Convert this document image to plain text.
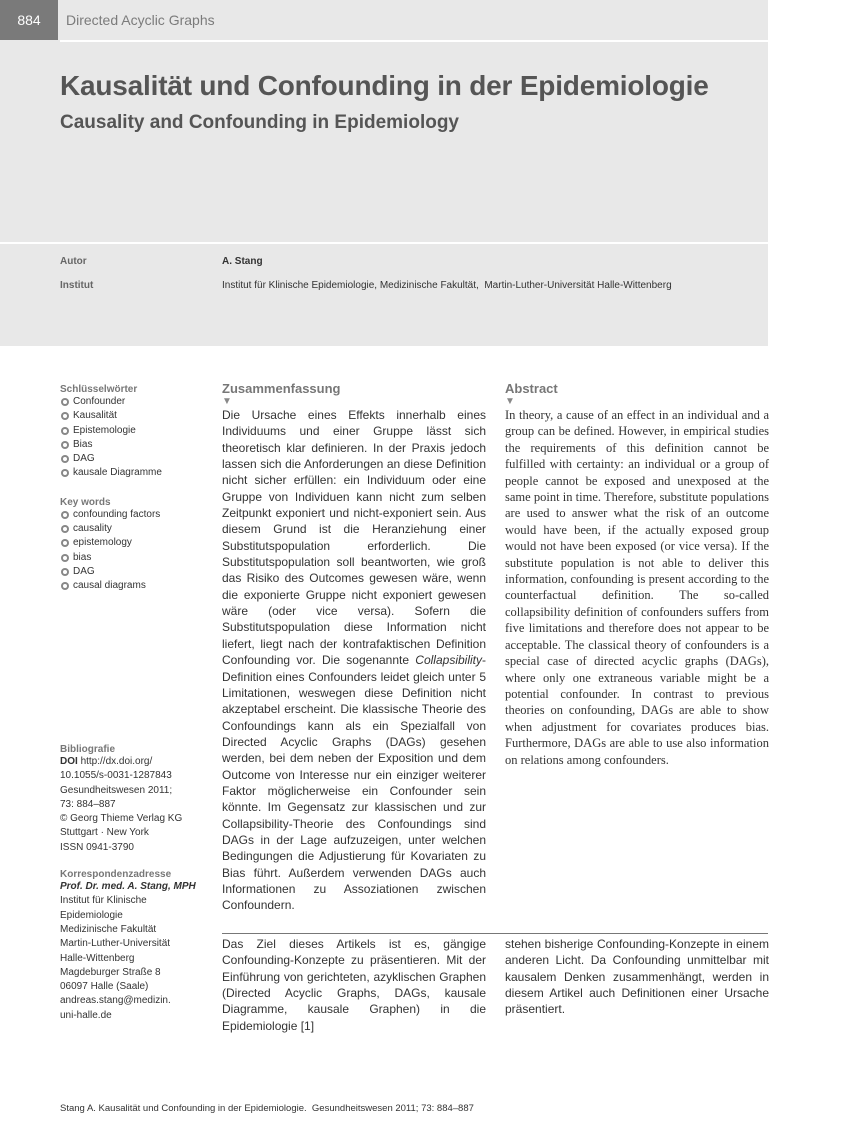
884	Directed Acyclic Graphs
Kausalität und Confounding in der Epidemiologie
Causality and Confounding in Epidemiology
Autor	A. Stang
Institut	Institut für Klinische Epidemiologie, Medizinische Fakultät,  Martin-Luther-Universität Halle-Wittenberg
Schlüsselwörter
Confounder
Kausalität
Epistemologie
Bias
DAG
kausale Diagramme
Key words
confounding factors
causality
epistemology
bias
DAG
causal diagrams
Bibliografie
DOI http://dx.doi.org/
10.1055/s-0031-1287843
Gesundheitswesen 2011;
73: 884–887
© Georg Thieme Verlag KG
Stuttgart · New York
ISSN 0941-3790
Korrespondenzadresse
Prof. Dr. med. A. Stang, MPH
Institut für Klinische
Epidemiologie
Medizinische Fakultät
Martin-Luther-Universität
Halle-Wittenberg
Magdeburger Straße 8
06097 Halle (Saale)
andreas.stang@medizin.
uni-halle.de
Zusammenfassung
▼
Die Ursache eines Effekts innerhalb eines Individuums und einer Gruppe lässt sich theoretisch klar definieren. In der Praxis jedoch lassen sich die Anforderungen an diese Definition nicht sicher erfüllen: ein Individuum oder eine Gruppe von Individuen kann nicht zum selben Zeitpunkt exponiert und nicht-exponiert sein. Aus diesem Grund ist die Heranziehung einer Substitutspopulation erforderlich. Die Substitutspopulation soll beantworten, wie groß das Risiko des Outcomes gewesen wäre, wenn die exponierte Gruppe nicht exponiert gewesen wäre (oder vice versa). Sofern die Substitutspopulation diese Information nicht liefert, liegt nach der kontrafaktischen Definition Confounding vor. Die sogenannte Collapsibility-Definition eines Confounders leidet gleich unter 5 Limitationen, weswegen diese Definition nicht akzeptabel erscheint. Die klassische Theorie des Confoundings kann als ein Spezialfall von Directed Acyclic Graphs (DAGs) gesehen werden, bei dem neben der Exposition und dem Outcome von Interesse nur ein einziger weiterer Faktor möglicherweise ein Confounder sein könnte. Im Gegensatz zur klassischen und zur Collapsibility-Theorie des Confoundings sind DAGs in der Lage aufzuzeigen, unter welchen Bedingungen die Adjustierung für Kovariaten zu Bias führt. Außerdem verwenden DAGs auch Informationen zu Assoziationen zwischen Confoundern.
Abstract
▼
In theory, a cause of an effect in an individual and a group can be defined. However, in empirical studies the requirements of this definition cannot be fulfilled with certainty: an individual or a group of people cannot be exposed and unexposed at the same point in time. Therefore, substitute populations are used to answer what the risk of an outcome would have been, if the actually exposed group would not have been exposed (or vice versa). If the substitute population is not able to deliver this information, confounding is present according to the counterfactual definition. The so-called collapsibility definition of confounders suffers from five limitations and therefore does not appear to be acceptable. The classical theory of confounders is a special case of directed acyclic graphs (DAGs), where only one extraneous variable might be a potential confounder. In contrast to previous theories on confounding, DAGs are able to show when adjustment for covariates produces bias. Furthermore, DAGs are able to use also information on relations among confounders.
Das Ziel dieses Artikels ist es, gängige Confounding-Konzepte zu präsentieren. Mit der Einführung von gerichteten, azyklischen Graphen (Directed Acyclic Graphs, DAGs, kausale Diagramme, kausale Graphen) in die Epidemiologie [1]
stehen bisherige Confounding-Konzepte in einem anderen Licht. Da Confounding unmittelbar mit kausalem Denken zusammenhängt, werden in diesem Artikel auch Definitionen einer Ursache präsentiert.
Stang A. Kausalität und Confounding in der Epidemiologie.  Gesundheitswesen 2011; 73: 884–887
